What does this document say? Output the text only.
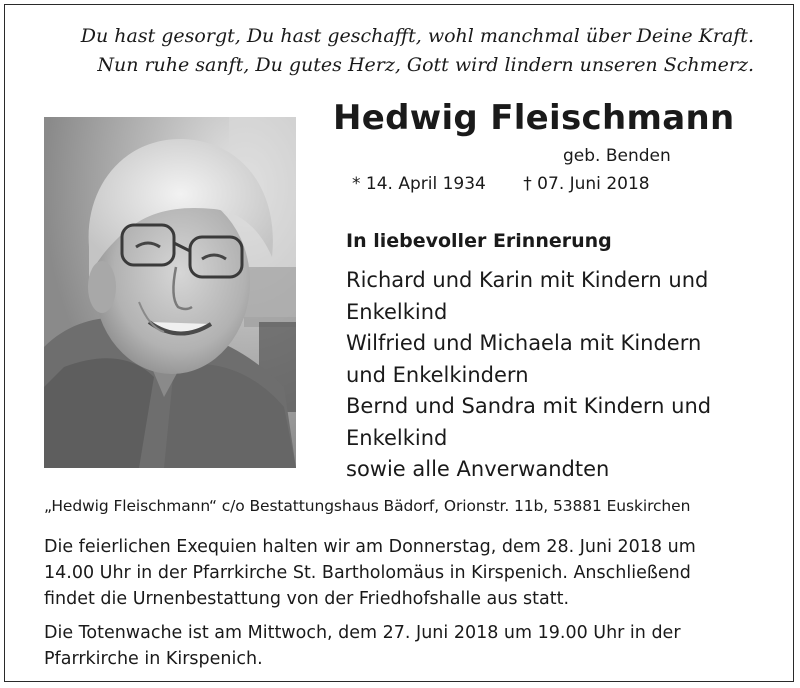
Du hast gesorgt, Du hast geschafft, wohl manchmal über Deine Kraft.
Nun ruhe sanft, Du gutes Herz, Gott wird lindern unseren Schmerz.
Hedwig Fleischmann
geb. Benden
* 14. April 1934 † 07. Juni 2018
In liebevoller Erinnerung
Richard und Karin mit Kindern und
Enkelkind
Wilfried und Michaela mit Kindern
und Enkelkindern
Bernd und Sandra mit Kindern und
Enkelkind
sowie alle Anverwandten
„Hedwig Fleischmann“ c/o Bestattungshaus Bädorf, Orionstr. 11b, 53881 Euskirchen
Die feierlichen Exequien halten wir am Donnerstag, dem 28. Juni 2018 um
14.00 Uhr in der Pfarrkirche St. Bartholomäus in Kirspenich. Anschließend
findet die Urnenbestattung von der Friedhofshalle aus statt.
Die Totenwache ist am Mittwoch, dem 27. Juni 2018 um 19.00 Uhr in der
Pfarrkirche in Kirspenich.
